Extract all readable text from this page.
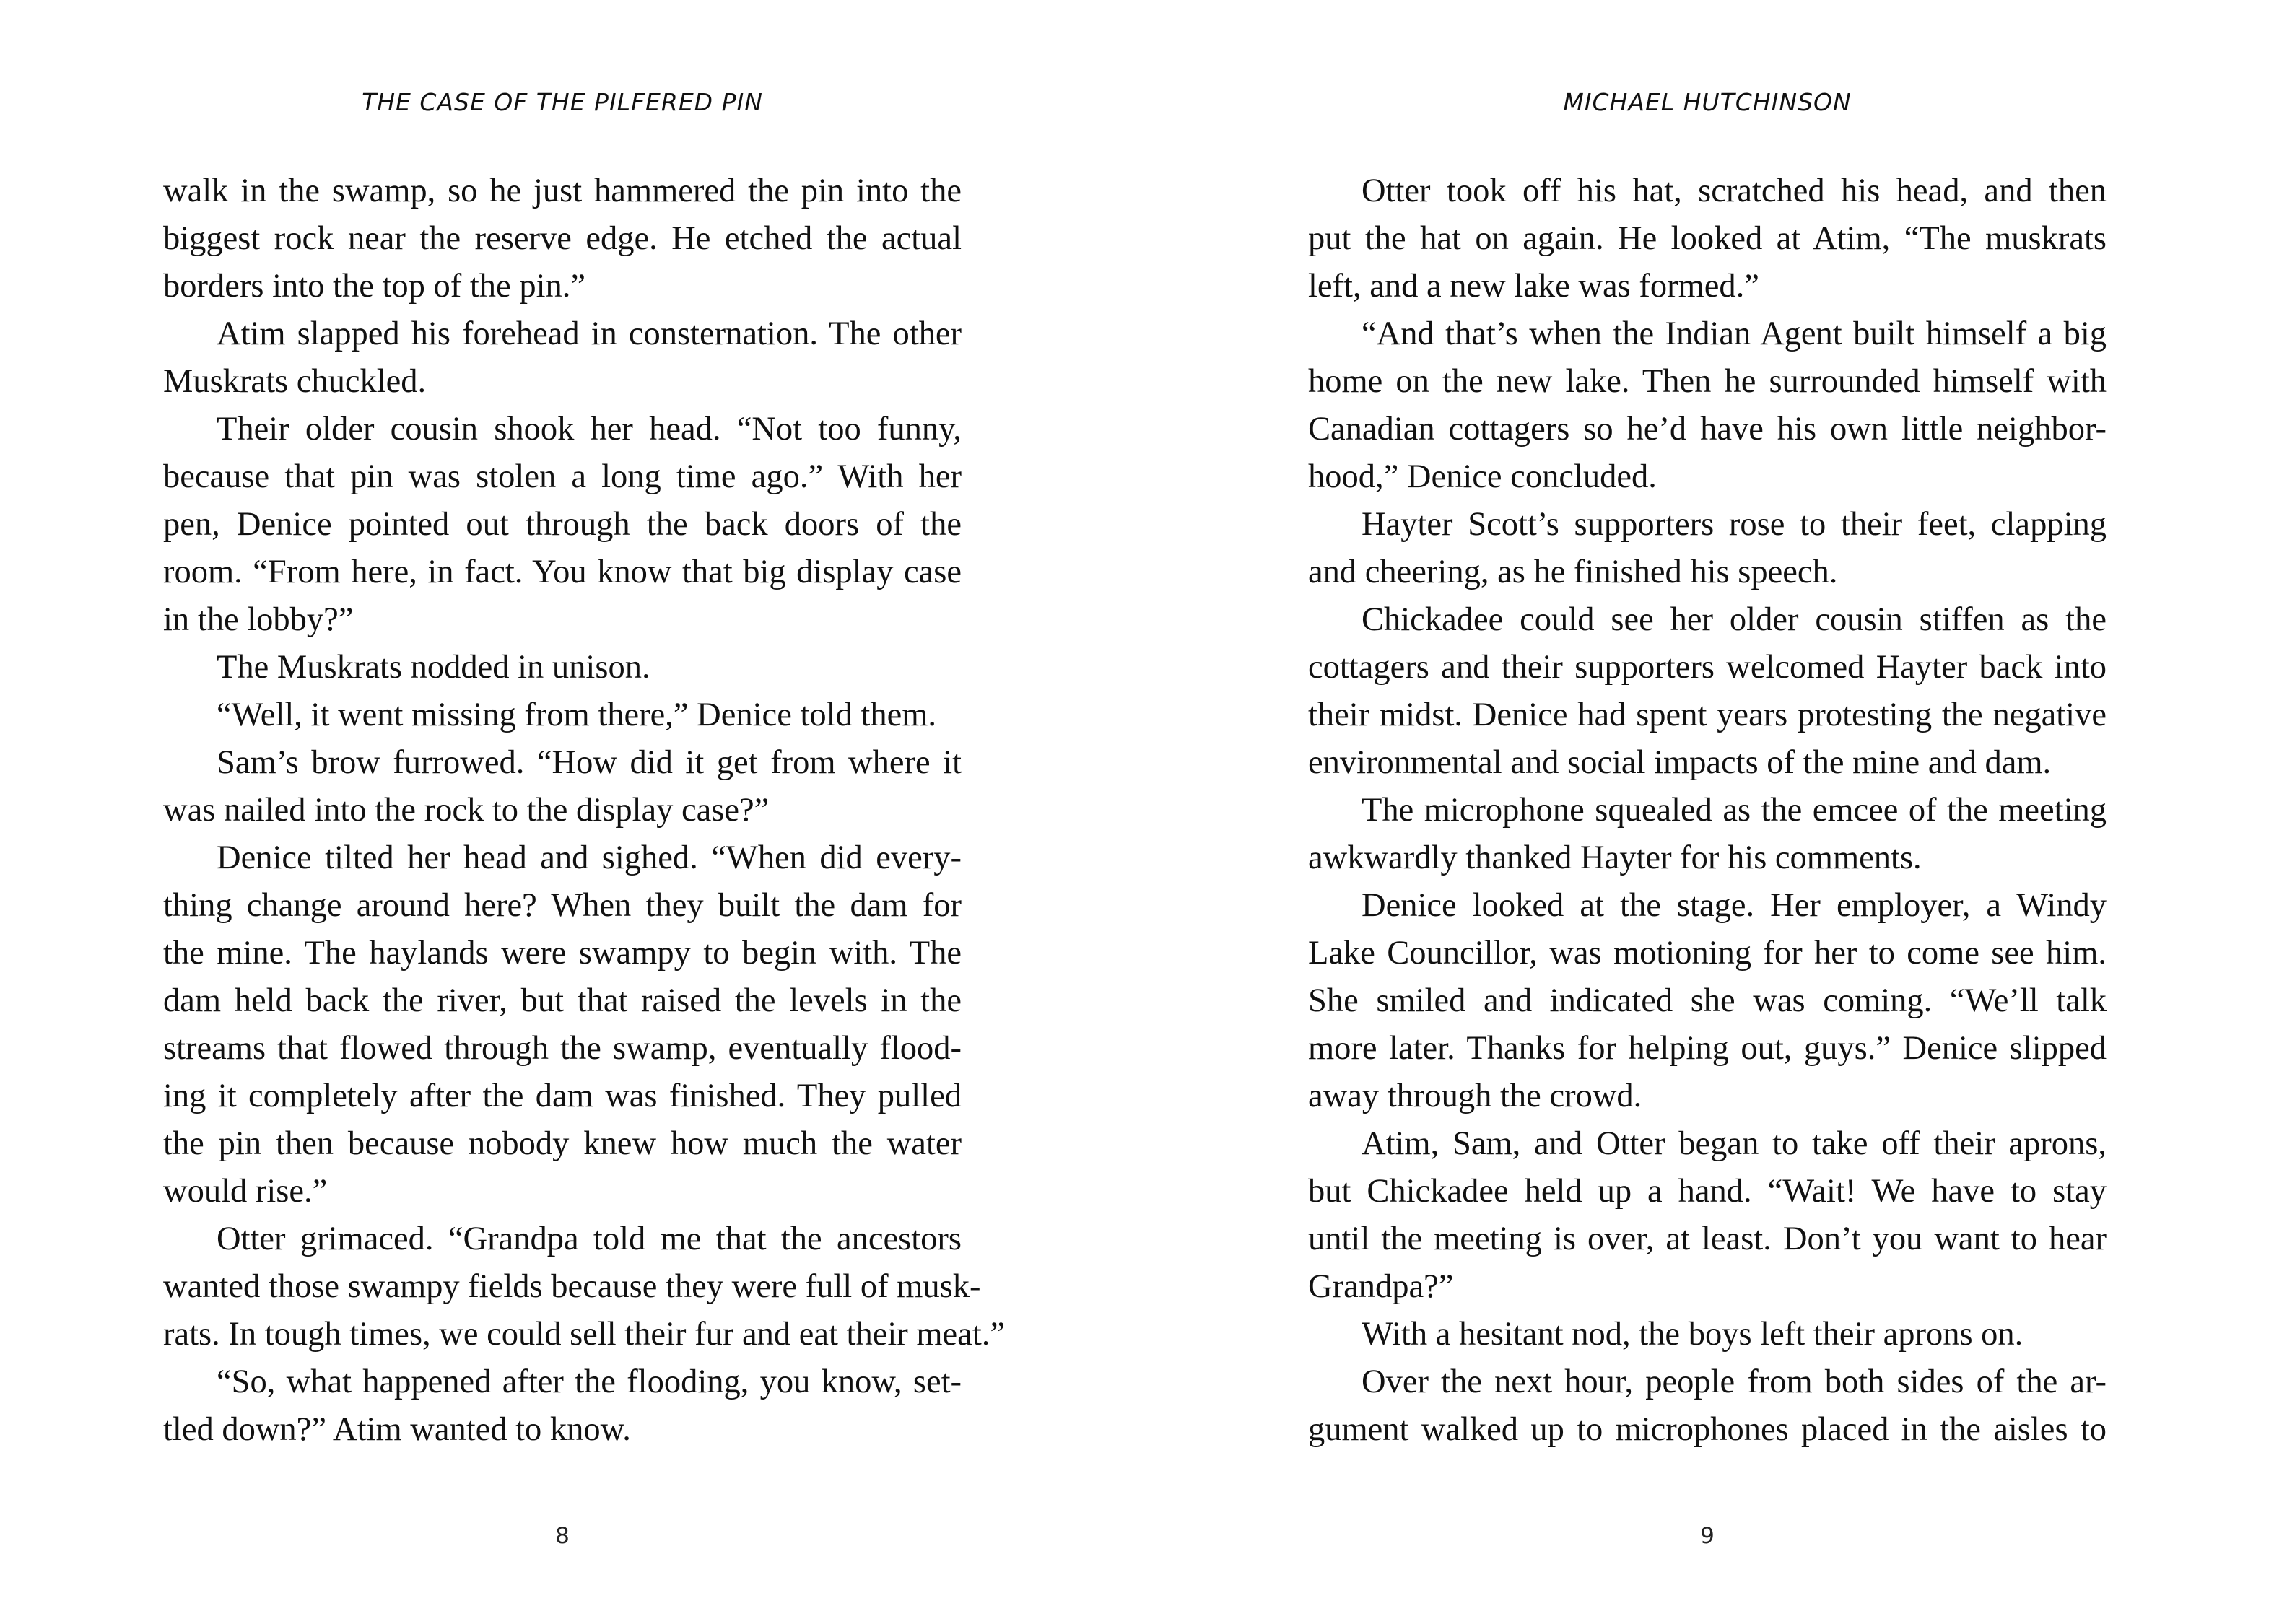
THE CASE OF THE PILFERED PIN
walk in the swamp, so he just hammered the pin into the
biggest rock near the reserve edge. He etched the actual
borders into the top of the pin.”
Atim slapped his forehead in consternation. The other
Muskrats chuckled.
Their older cousin shook her head. “Not too funny,
because that pin was stolen a long time ago.” With her
pen, Denice pointed out through the back doors of the
room. “From here, in fact. You know that big display case
in the lobby?”
The Muskrats nodded in unison.
“Well, it went missing from there,” Denice told them.
Sam’s brow furrowed. “How did it get from where it
was nailed into the rock to the display case?”
Denice tilted her head and sighed. “When did every-
thing change around here? When they built the dam for
the mine. The haylands were swampy to begin with. The
dam held back the river, but that raised the levels in the
streams that flowed through the swamp, eventually flood-
ing it completely after the dam was finished. They pulled
the pin then because nobody knew how much the water
would rise.”
Otter grimaced. “Grandpa told me that the ancestors
wanted those swampy fields because they were full of musk-
rats. In tough times, we could sell their fur and eat their meat.”
“So, what happened after the flooding, you know, set-
tled down?” Atim wanted to know.
8
MICHAEL HUTCHINSON
Otter took off his hat, scratched his head, and then
put the hat on again. He looked at Atim, “The muskrats
left, and a new lake was formed.”
“And that’s when the Indian Agent built himself a big
home on the new lake. Then he surrounded himself with
Canadian cottagers so he’d have his own little neighbor-
hood,” Denice concluded.
Hayter Scott’s supporters rose to their feet, clapping
and cheering, as he finished his speech.
Chickadee could see her older cousin stiffen as the
cottagers and their supporters welcomed Hayter back into
their midst. Denice had spent years protesting the negative
environmental and social impacts of the mine and dam.
The microphone squealed as the emcee of the meeting
awkwardly thanked Hayter for his comments.
Denice looked at the stage. Her employer, a Windy
Lake Councillor, was motioning for her to come see him.
She smiled and indicated she was coming. “We’ll talk
more later. Thanks for helping out, guys.” Denice slipped
away through the crowd.
Atim, Sam, and Otter began to take off their aprons,
but Chickadee held up a hand. “Wait! We have to stay
until the meeting is over, at least. Don’t you want to hear
Grandpa?”
With a hesitant nod, the boys left their aprons on.
Over the next hour, people from both sides of the ar-
gument walked up to microphones placed in the aisles to
9
